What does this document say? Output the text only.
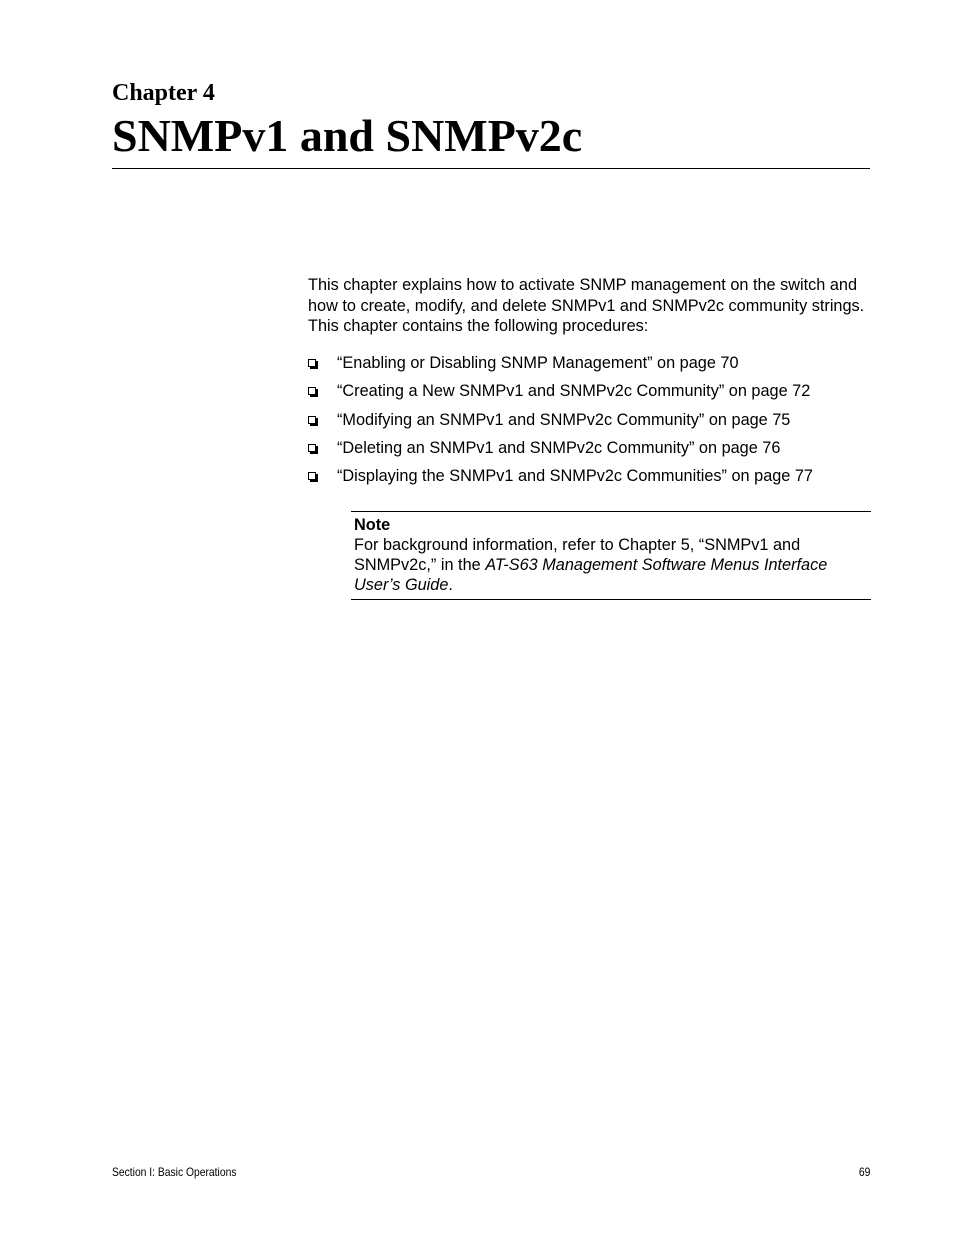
Chapter 4
SNMPv1 and SNMPv2c

This chapter explains how to activate SNMP management on the switch and how to create, modify, and delete SNMPv1 and SNMPv2c community strings. This chapter contains the following procedures:

“Enabling or Disabling SNMP Management” on page 70
“Creating a New SNMPv1 and SNMPv2c Community” on page 72
“Modifying an SNMPv1 and SNMPv2c Community” on page 75
“Deleting an SNMPv1 and SNMPv2c Community” on page 76
“Displaying the SNMPv1 and SNMPv2c Communities” on page 77

Note

For background information, refer to Chapter 5, “SNMPv1 and SNMPv2c,” in the AT-S63 Management Software Menus Interface User’s Guide.

Section I: Basic Operations	69
